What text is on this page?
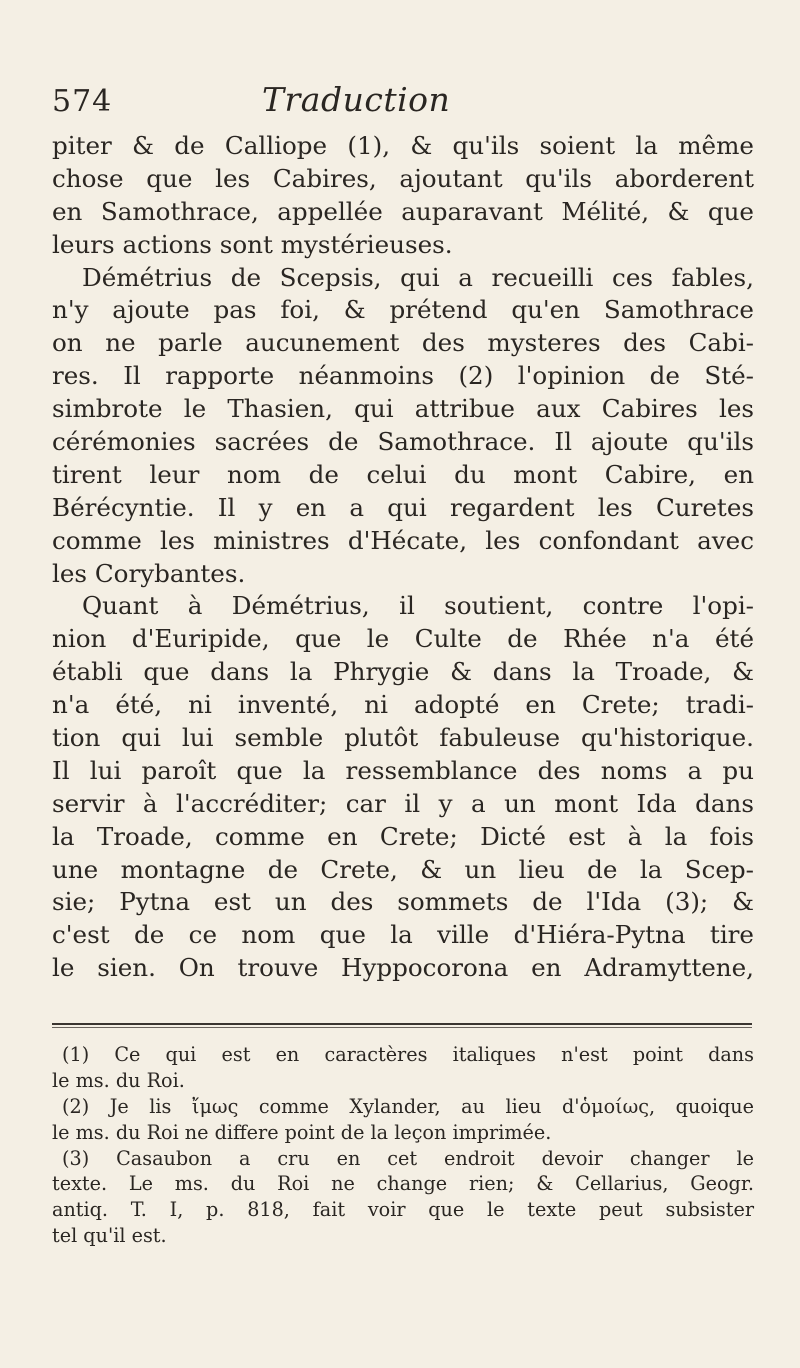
574	Traduction
piter & de Calliope (1), & qu'ils soient la même
chose que les Cabires, ajoutant qu'ils aborderent
en Samothrace, appellée auparavant Mélité, & que
leurs actions sont mystérieuses.
Démétrius de Scepsis, qui a recueilli ces fables,
n'y ajoute pas foi, & prétend qu'en Samothrace
on ne parle aucunement des mysteres des Cabi-
res. Il rapporte néanmoins (2) l'opinion de Sté-
simbrote le Thasien, qui attribue aux Cabires les
cérémonies sacrées de Samothrace. Il ajoute qu'ils
tirent leur nom de celui du mont Cabire, en
Bérécyntie. Il y en a qui regardent les Curetes
comme les ministres d'Hécate, les confondant avec
les Corybantes.
Quant à Démétrius, il soutient, contre l'opi-
nion d'Euripide, que le Culte de Rhée n'a été
établi que dans la Phrygie & dans la Troade, &
n'a été, ni inventé, ni adopté en Crete; tradi-
tion qui lui semble plutôt fabuleuse qu'historique.
Il lui paroît que la ressemblance des noms a pu
servir à l'accréditer; car il y a un mont Ida dans
la Troade, comme en Crete; Dicté est à la fois
une montagne de Crete, & un lieu de la Scep-
sie; Pytna est un des sommets de l'Ida (3); &
c'est de ce nom que la ville d'Hiéra-Pytna tire
le sien. On trouve Hyppocorona en Adramyttene,
(1) Ce qui est en caractères italiques n'est point dans
le ms. du Roi.
(2) Je lis ἴμως comme Xylander, au lieu d'ὁμοίως, quoique
le ms. du Roi ne differe point de la leçon imprimée.
(3) Casaubon a cru en cet endroit devoir changer le
texte. Le ms. du Roi ne change rien; & Cellarius, Geogr.
antiq. T. I, p. 818, fait voir que le texte peut subsister
tel qu'il est.
